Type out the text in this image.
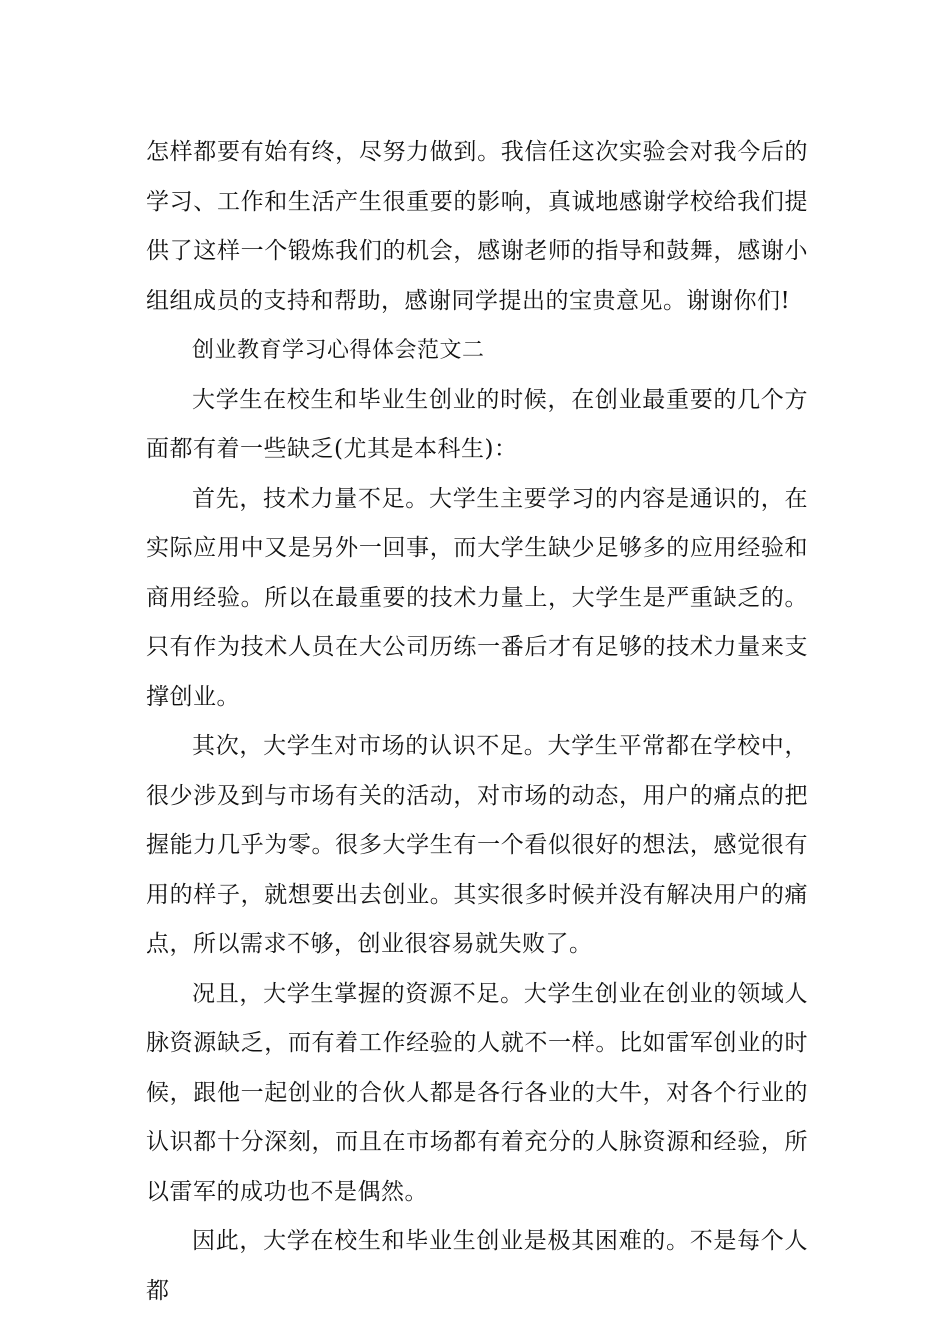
怎样都要有始有终，尽努力做到。我信任这次实验会对我今后的学习、工作和生活产生很重要的影响，真诚地感谢学校给我们提供了这样一个锻炼我们的机会，感谢老师的指导和鼓舞，感谢小组组成员的支持和帮助，感谢同学提出的宝贵意见。谢谢你们!

创业教育学习心得体会范文二

大学生在校生和毕业生创业的时候，在创业最重要的几个方面都有着一些缺乏(尤其是本科生)：

首先，技术力量不足。大学生主要学习的内容是通识的，在实际应用中又是另外一回事，而大学生缺少足够多的应用经验和商用经验。所以在最重要的技术力量上，大学生是严重缺乏的。只有作为技术人员在大公司历练一番后才有足够的技术力量来支撑创业。

其次，大学生对市场的认识不足。大学生平常都在学校中，很少涉及到与市场有关的活动，对市场的动态，用户的痛点的把握能力几乎为零。很多大学生有一个看似很好的想法，感觉很有用的样子，就想要出去创业。其实很多时候并没有解决用户的痛点，所以需求不够，创业很容易就失败了。

况且，大学生掌握的资源不足。大学生创业在创业的领域人脉资源缺乏，而有着工作经验的人就不一样。比如雷军创业的时候，跟他一起创业的合伙人都是各行各业的大牛，对各个行业的认识都十分深刻，而且在市场都有着充分的人脉资源和经验，所以雷军的成功也不是偶然。

因此，大学在校生和毕业生创业是极其困难的。不是每个人都
